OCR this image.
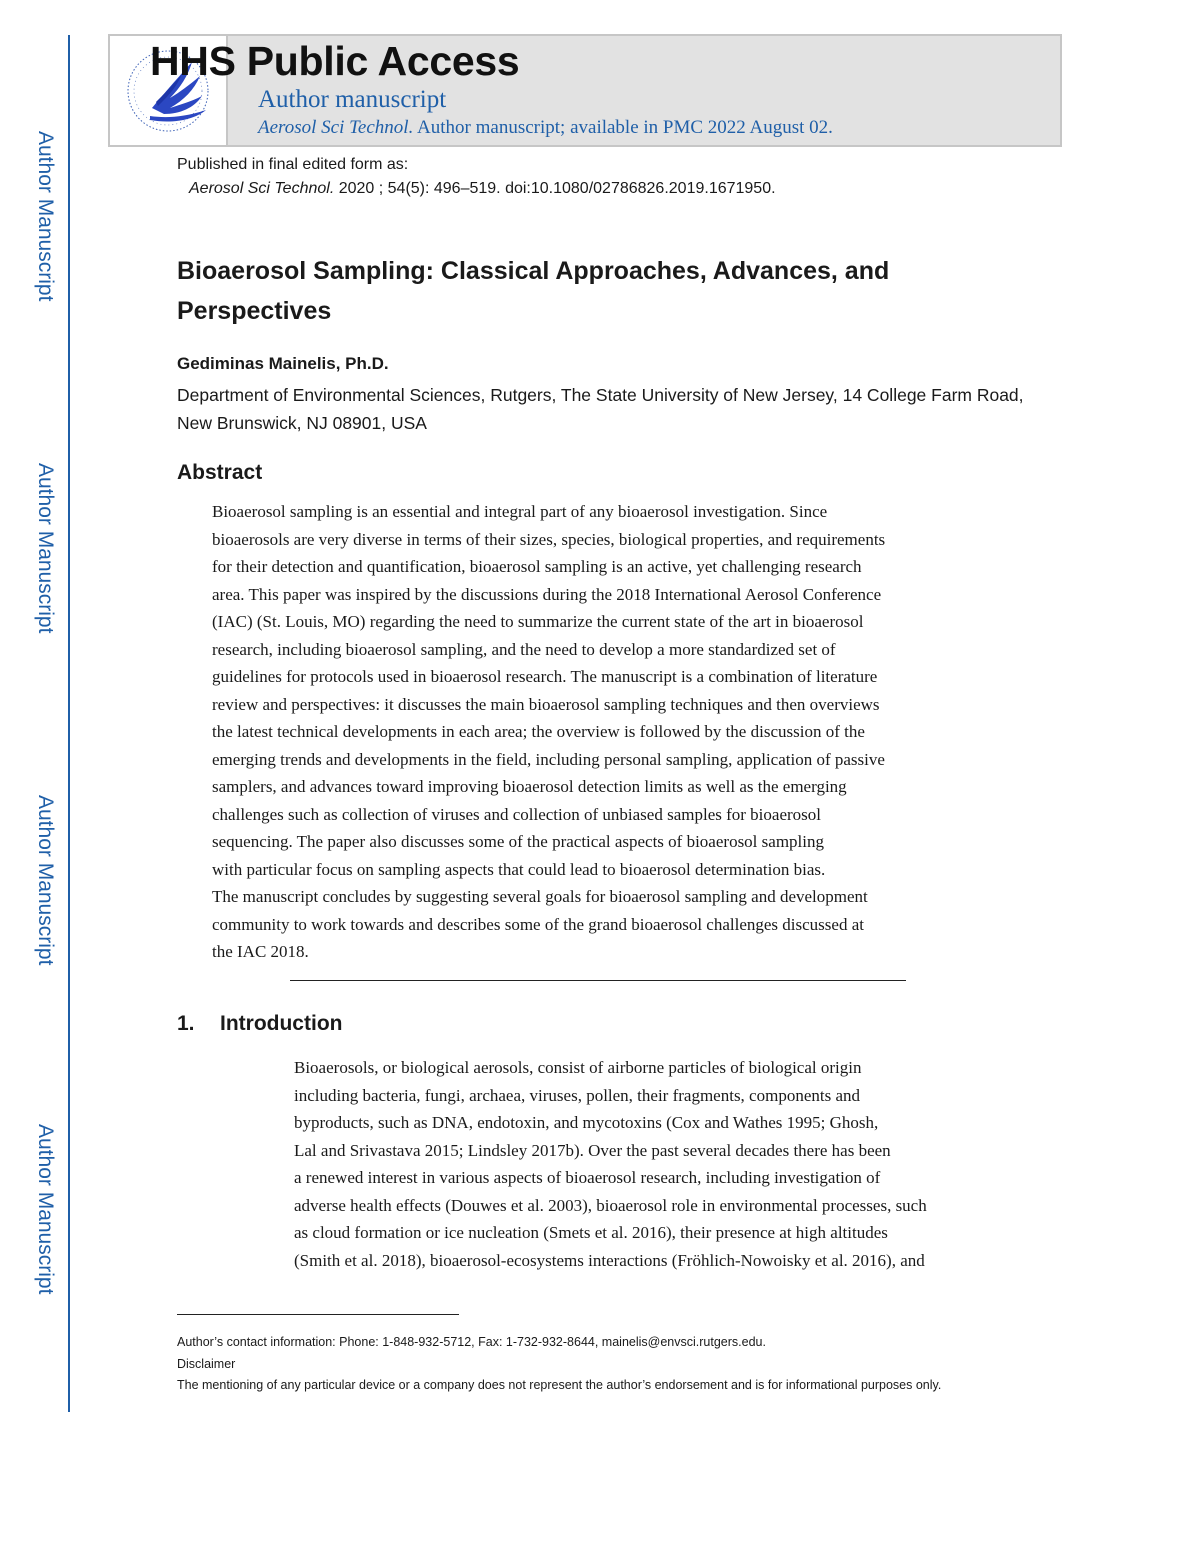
Author Manuscript
Author Manuscript
Author Manuscript
Author Manuscript
HHS Public Access
Author manuscript
Aerosol Sci Technol. Author manuscript; available in PMC 2022 August 02.
Published in final edited form as:
Aerosol Sci Technol. 2020 ; 54(5): 496–519. doi:10.1080/02786826.2019.1671950.
Bioaerosol Sampling: Classical Approaches, Advances, and Perspectives
Gediminas Mainelis, Ph.D.
Department of Environmental Sciences, Rutgers, The State University of New Jersey, 14 College Farm Road, New Brunswick, NJ 08901, USA
Abstract
Bioaerosol sampling is an essential and integral part of any bioaerosol investigation. Since
bioaerosols are very diverse in terms of their sizes, species, biological properties, and requirements
for their detection and quantification, bioaerosol sampling is an active, yet challenging research
area. This paper was inspired by the discussions during the 2018 International Aerosol Conference
(IAC) (St. Louis, MO) regarding the need to summarize the current state of the art in bioaerosol
research, including bioaerosol sampling, and the need to develop a more standardized set of
guidelines for protocols used in bioaerosol research. The manuscript is a combination of literature
review and perspectives: it discusses the main bioaerosol sampling techniques and then overviews
the latest technical developments in each area; the overview is followed by the discussion of the
emerging trends and developments in the field, including personal sampling, application of passive
samplers, and advances toward improving bioaerosol detection limits as well as the emerging
challenges such as collection of viruses and collection of unbiased samples for bioaerosol
sequencing. The paper also discusses some of the practical aspects of bioaerosol sampling
with particular focus on sampling aspects that could lead to bioaerosol determination bias.
The manuscript concludes by suggesting several goals for bioaerosol sampling and development
community to work towards and describes some of the grand bioaerosol challenges discussed at
the IAC 2018.
1. Introduction
Bioaerosols, or biological aerosols, consist of airborne particles of biological origin
including bacteria, fungi, archaea, viruses, pollen, their fragments, components and
byproducts, such as DNA, endotoxin, and mycotoxins (Cox and Wathes 1995; Ghosh,
Lal and Srivastava 2015; Lindsley 2017b). Over the past several decades there has been
a renewed interest in various aspects of bioaerosol research, including investigation of
adverse health effects (Douwes et al. 2003), bioaerosol role in environmental processes, such
as cloud formation or ice nucleation (Smets et al. 2016), their presence at high altitudes
(Smith et al. 2018), bioaerosol-ecosystems interactions (Fröhlich-Nowoisky et al. 2016), and
Author’s contact information: Phone: 1-848-932-5712, Fax: 1-732-932-8644, mainelis@envsci.rutgers.edu.
Disclaimer
The mentioning of any particular device or a company does not represent the author’s endorsement and is for informational purposes only.
